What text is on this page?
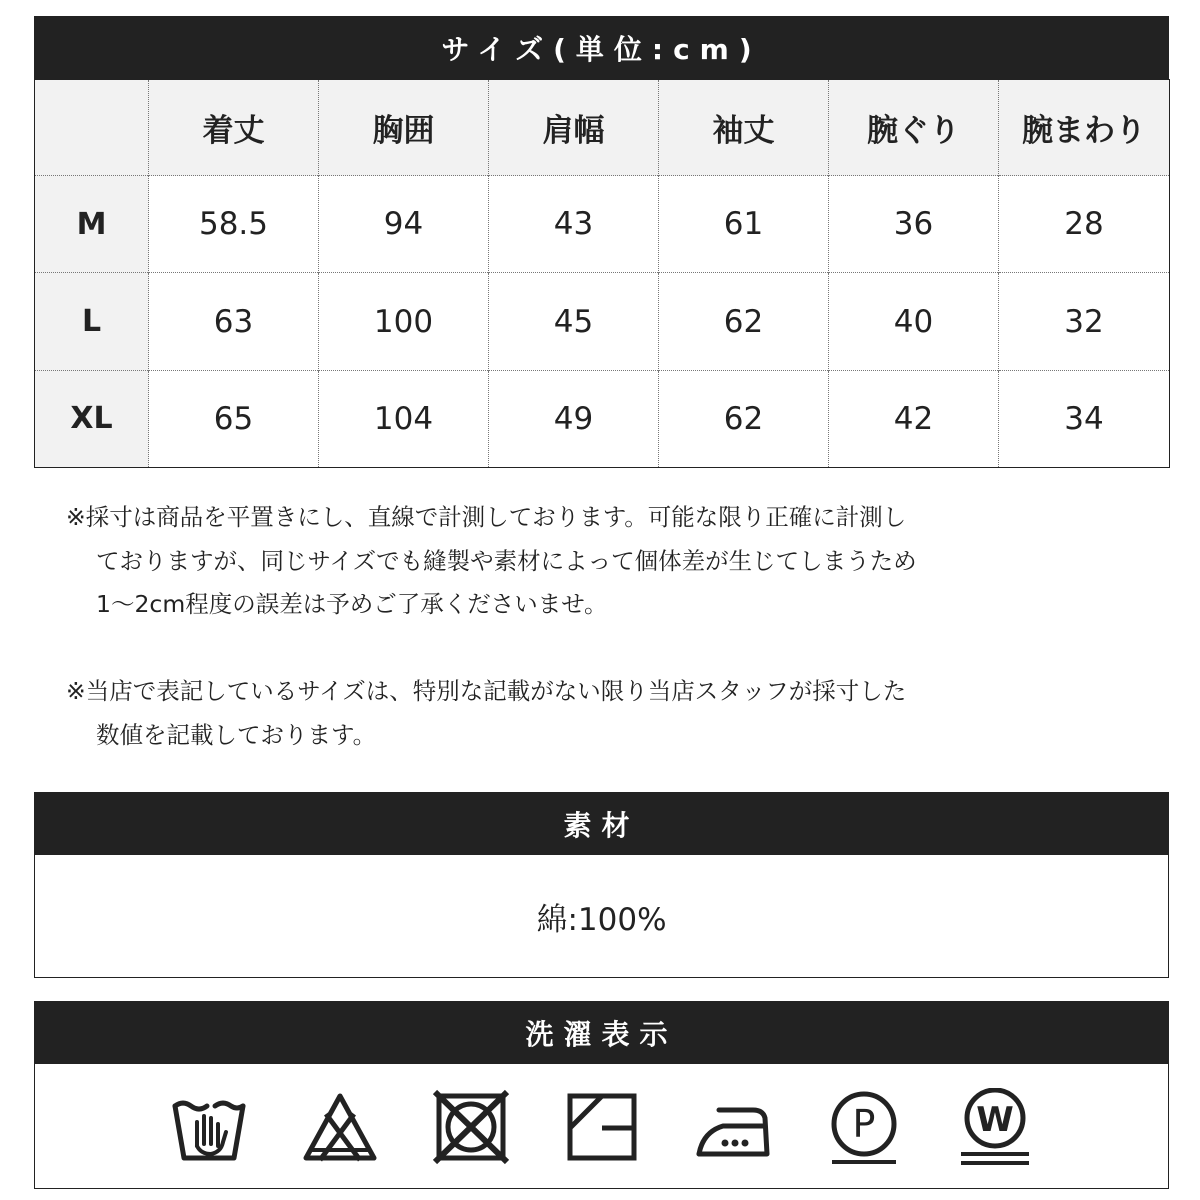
サイズ(単位:cm)
	着丈	胸囲	肩幅	袖丈	腕ぐり	腕まわり
M	58.5	94	43	61	36	28
L	63	100	45	62	40	32
XL	65	104	49	62	42	34
※採寸は商品を平置きにし、直線で計測しております。可能な限り正確に計測し
ておりますが、同じサイズでも縫製や素材によって個体差が生じてしまうため
1〜2cm程度の誤差は予めご了承くださいませ。
※当店で表記しているサイズは、特別な記載がない限り当店スタッフが採寸した
数値を記載しております。
素材
綿:100%
洗濯表示
P	W
